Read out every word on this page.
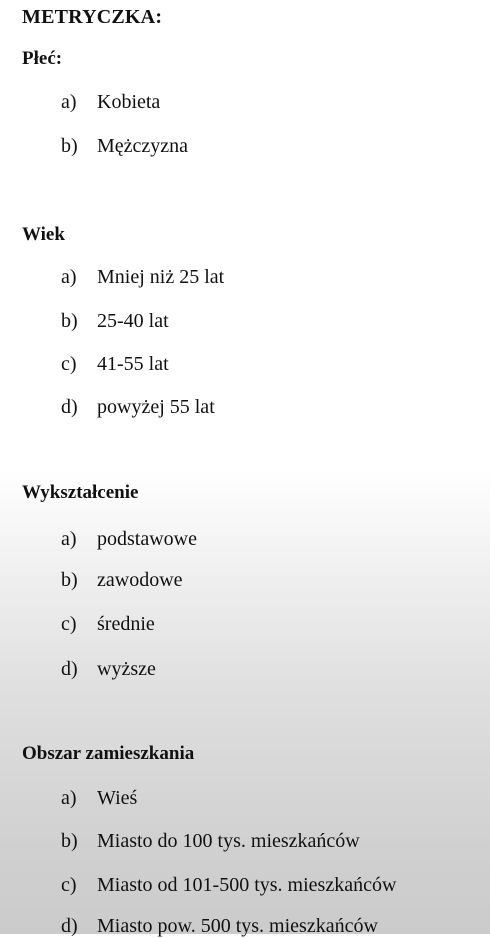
METRYCZKA:
Płeć:
a) Kobieta
b) Mężczyzna
Wiek
a) Mniej niż 25 lat
b) 25-40 lat
c) 41-55 lat
d) powyżej 55 lat
Wykształcenie
a) podstawowe
b) zawodowe
c) średnie
d) wyższe
Obszar zamieszkania
a) Wieś
b) Miasto do 100 tys. mieszkańców
c) Miasto od 101-500 tys. mieszkańców
d) Miasto pow. 500 tys. mieszkańców
